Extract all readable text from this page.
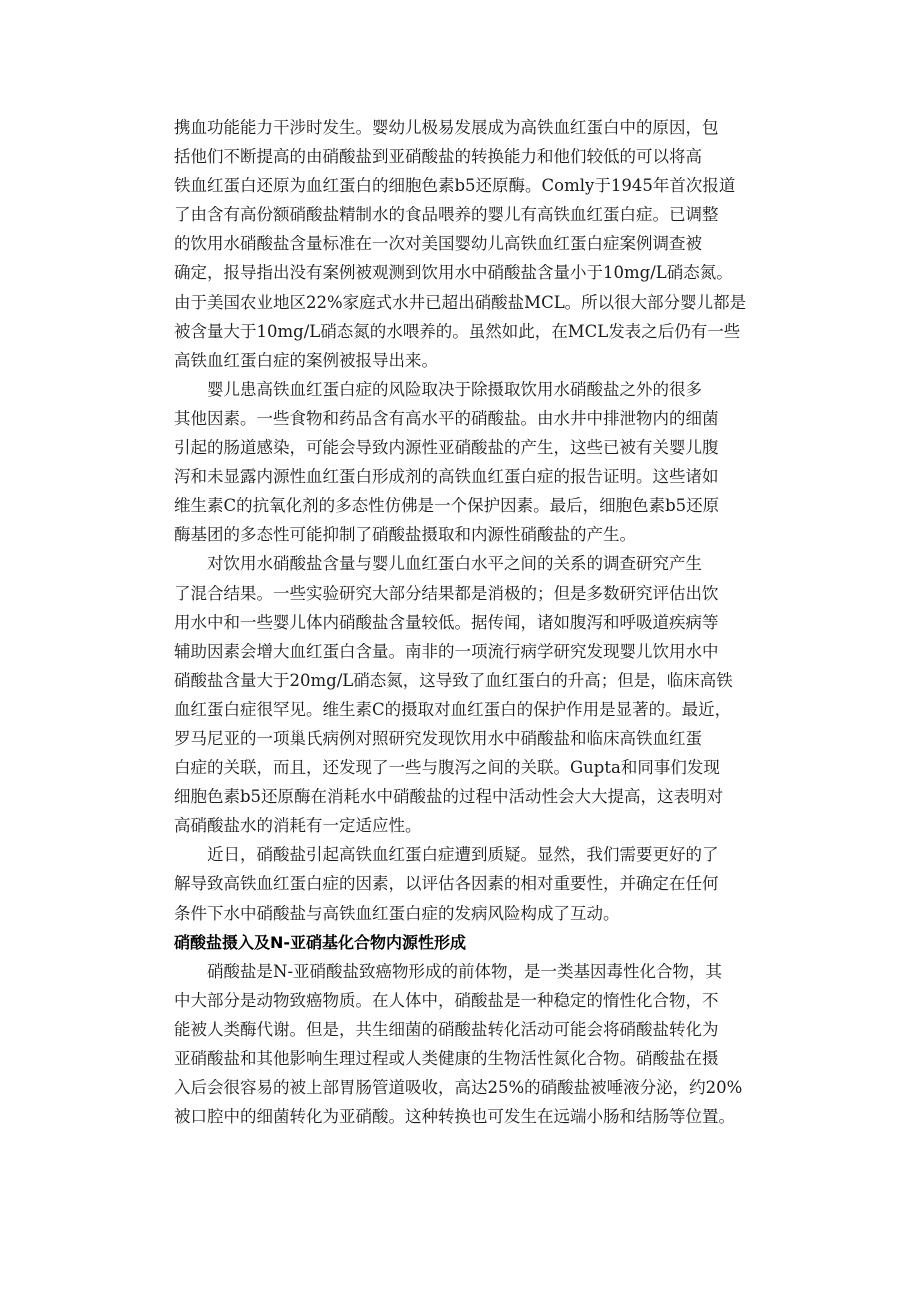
携血功能能力干涉时发生。婴幼儿极易发展成为高铁血红蛋白中的原因，包
括他们不断提高的由硝酸盐到亚硝酸盐的转换能力和他们较低的可以将高
铁血红蛋白还原为血红蛋白的细胞色素b5还原酶。Comly于1945年首次报道
了由含有高份额硝酸盐精制水的食品喂养的婴儿有高铁血红蛋白症。已调整
的饮用水硝酸盐含量标准在一次对美国婴幼儿高铁血红蛋白症案例调查被
确定，报导指出没有案例被观测到饮用水中硝酸盐含量小于10mg/L硝态氮。
由于美国农业地区22%家庭式水井已超出硝酸盐MCL。所以很大部分婴儿都是
被含量大于10mg/L硝态氮的水喂养的。虽然如此，在MCL发表之后仍有一些
高铁血红蛋白症的案例被报导出来。
婴儿患高铁血红蛋白症的风险取决于除摄取饮用水硝酸盐之外的很多
其他因素。一些食物和药品含有高水平的硝酸盐。由水井中排泄物内的细菌
引起的肠道感染，可能会导致内源性亚硝酸盐的产生，这些已被有关婴儿腹
泻和未显露内源性血红蛋白形成剂的高铁血红蛋白症的报告证明。这些诸如
维生素C的抗氧化剂的多态性仿佛是一个保护因素。最后，细胞色素b5还原
酶基团的多态性可能抑制了硝酸盐摄取和内源性硝酸盐的产生。
对饮用水硝酸盐含量与婴儿血红蛋白水平之间的关系的调查研究产生
了混合结果。一些实验研究大部分结果都是消极的；但是多数研究评估出饮
用水中和一些婴儿体内硝酸盐含量较低。据传闻，诸如腹泻和呼吸道疾病等
辅助因素会增大血红蛋白含量。南非的一项流行病学研究发现婴儿饮用水中
硝酸盐含量大于20mg/L硝态氮，这导致了血红蛋白的升高；但是，临床高铁
血红蛋白症很罕见。维生素C的摄取对血红蛋白的保护作用是显著的。最近，
罗马尼亚的一项巢氏病例对照研究发现饮用水中硝酸盐和临床高铁血红蛋
白症的关联，而且，还发现了一些与腹泻之间的关联。Gupta和同事们发现
细胞色素b5还原酶在消耗水中硝酸盐的过程中活动性会大大提高，这表明对
高硝酸盐水的消耗有一定适应性。
近日，硝酸盐引起高铁血红蛋白症遭到质疑。显然，我们需要更好的了
解导致高铁血红蛋白症的因素，以评估各因素的相对重要性，并确定在任何
条件下水中硝酸盐与高铁血红蛋白症的发病风险构成了互动。
硝酸盐摄入及N-亚硝基化合物内源性形成
硝酸盐是N-亚硝酸盐致癌物形成的前体物，是一类基因毒性化合物，其
中大部分是动物致癌物质。在人体中，硝酸盐是一种稳定的惰性化合物，不
能被人类酶代谢。但是，共生细菌的硝酸盐转化活动可能会将硝酸盐转化为
亚硝酸盐和其他影响生理过程或人类健康的生物活性氮化合物。硝酸盐在摄
入后会很容易的被上部胃肠管道吸收，高达25%的硝酸盐被唾液分泌，约20%
被口腔中的细菌转化为亚硝酸。这种转换也可发生在远端小肠和结肠等位置。
